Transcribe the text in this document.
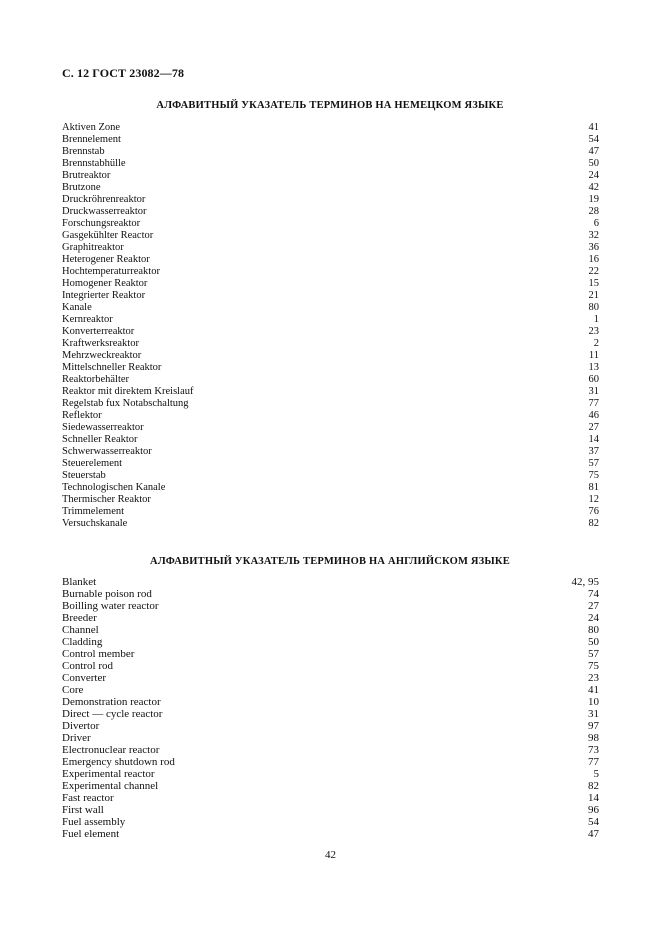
С. 12 ГОСТ 23082—78
АЛФАВИТНЫЙ УКАЗАТЕЛЬ ТЕРМИНОВ НА НЕМЕЦКОМ ЯЗЫКЕ
Aktiven Zone	41
Brennelement	54
Brennstab	47
Brennstabhülle	50
Brutreaktor	24
Brutzone	42
Druckröhrenreaktor	19
Druckwasserreaktor	28
Forschungsreaktor	6
Gasgekühlter Reactor	32
Graphitreaktor	36
Heterogener Reaktor	16
Hochtemperaturreaktor	22
Homogener Reaktor	15
Integrierter Reaktor	21
Kanale	80
Kernreaktor	1
Konverterreaktor	23
Kraftwerksreaktor	2
Mehrzweckreaktor	11
Mittelschneller Reaktor	13
Reaktorbehälter	60
Reaktor mit direktem Kreislauf	31
Regelstab fux Notabschaltung	77
Reflektor	46
Siedewasserreaktor	27
Schneller Reaktor	14
Schwerwasserreaktor	37
Steuerelement	57
Steuerstab	75
Technologischen Kanale	81
Thermischer Reaktor	12
Trimmelement	76
Versuchskanale	82
АЛФАВИТНЫЙ УКАЗАТЕЛЬ ТЕРМИНОВ НА АНГЛИЙСКОМ ЯЗЫКЕ
Blanket	42, 95
Burnable poison rod	74
Boilling water reactor	27
Breeder	24
Channel	80
Cladding	50
Control member	57
Control rod	75
Converter	23
Core	41
Demonstration reactor	10
Direct — cycle reactor	31
Divertor	97
Driver	98
Electronuclear reactor	73
Emergency shutdown rod	77
Experimental reactor	5
Experimental channel	82
Fast reactor	14
First wall	96
Fuel assembly	54
Fuel element	47
42
